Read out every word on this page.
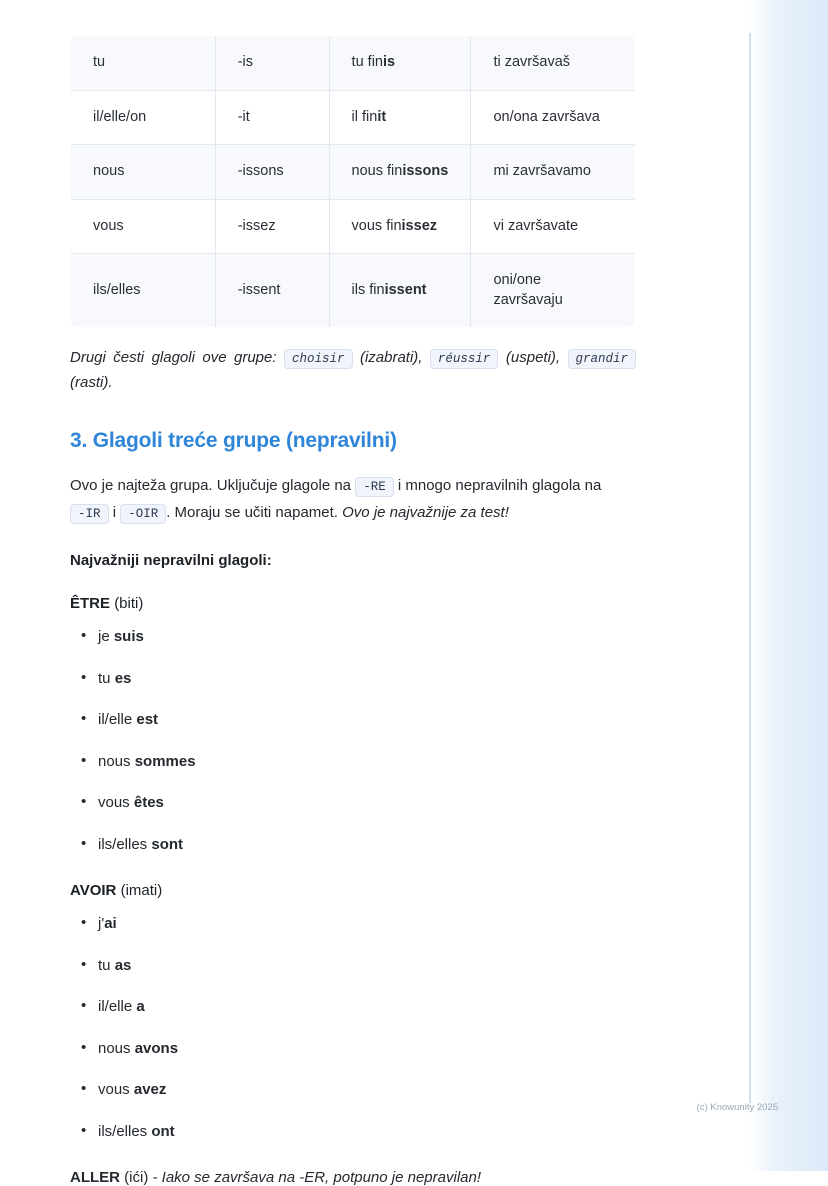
tu	-is	tu finis	ti završavaš
il/elle/on	-it	il finit	on/ona završava
nous	-issons	nous finissons	mi završavamo
vous	-issez	vous finissez	vi završavate
ils/elles	-issent	ils finissent	oni/one završavaju

Drugi česti glagoli ove grupe: choisir (izabrati), réussir (uspeti), grandir (rasti).

3. Glagoli treće grupe (nepravilni)

Ovo je najteža grupa. Uključuje glagole na -RE i mnogo nepravilnih glagola na -IR i -OIR . Moraju se učiti napamet. Ovo je najvažnije za test!

Najvažniji nepravilni glagoli:
ÊTRE (biti)
• je suis
• tu es
• il/elle est
• nous sommes
• vous êtes
• ils/elles sont
AVOIR (imati)
• j'ai
• tu as
• il/elle a
• nous avons
• vous avez
• ils/elles ont

ALLER (ići) - Iako se završava na -ER, potpuno je nepravilan!

(c) Knowunity 2025
